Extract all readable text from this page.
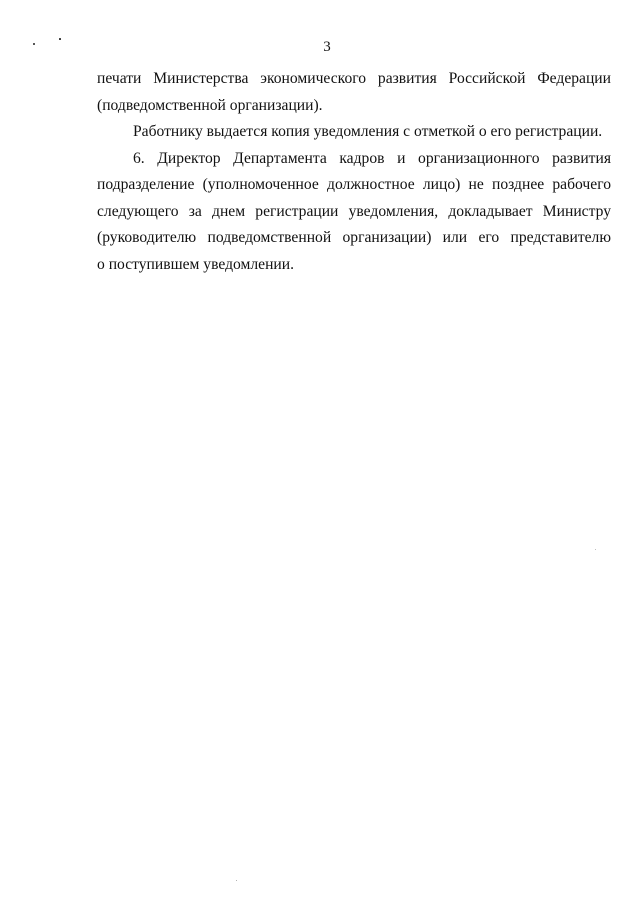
3
печати Министерства экономического развития Российской Федерации
(подведомственной организации).
Работнику выдается копия уведомления с отметкой о его регистрации.
6. Директор Департамента кадров и организационного развития
подразделение (уполномоченное должностное лицо) не позднее рабочего
следующего за днем регистрации уведомления, докладывает Министру
(руководителю подведомственной организации) или его представителю
о поступившем уведомлении.
